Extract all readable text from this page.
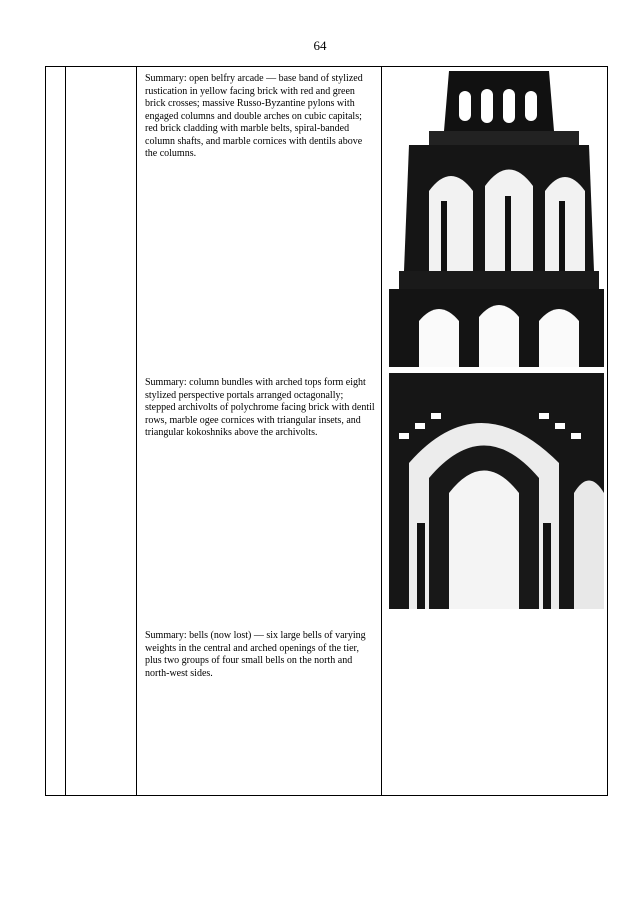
64
Summary: open belfry arcade — base band of stylized rustication in yellow facing brick with red and green brick crosses; massive Russo-Byzantine pylons with engaged columns and double arches on cubic capitals; red brick cladding with marble belts, spiral-banded column shafts, and marble cornices with dentils above the columns.
Summary: column bundles with arched tops form eight stylized perspective portals arranged octagonally; stepped archivolts of polychrome facing brick with dentil rows, marble ogee cornices with triangular insets, and triangular kokoshniks above the archivolts.
Summary: bells (now lost) — six large bells of varying weights in the central and arched openings of the tier, plus two groups of four small bells on the north and north-west sides.
